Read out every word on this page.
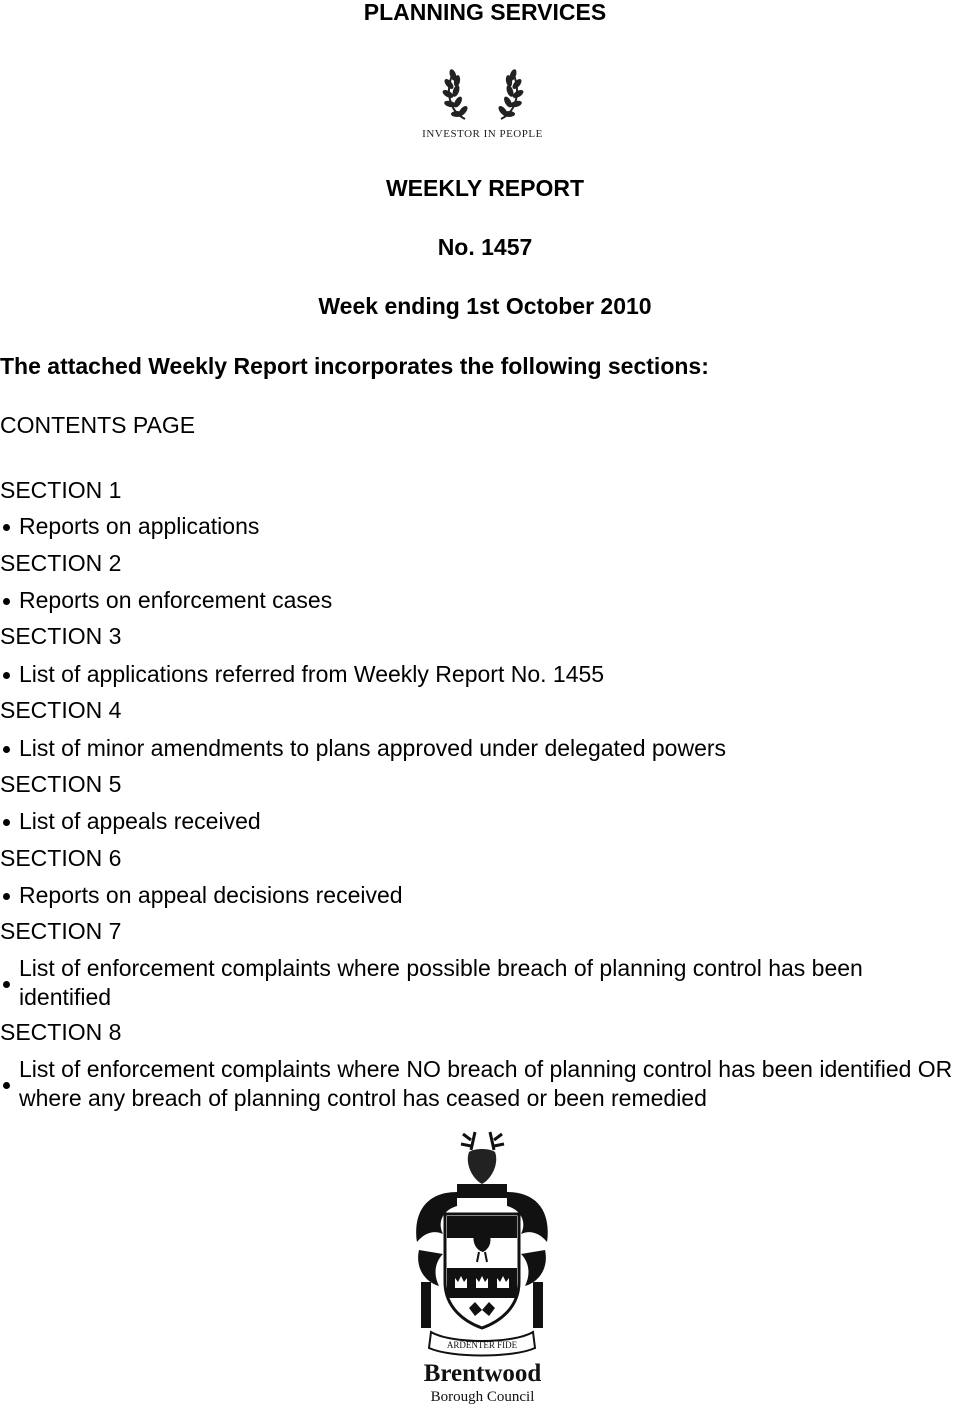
PLANNING SERVICES

INVESTOR IN PEOPLE

WEEKLY REPORT

No. 1457

Week ending 1st October 2010

The attached Weekly Report incorporates the following sections:

CONTENTS PAGE

SECTION 1

Reports on applications

SECTION 2

Reports on enforcement cases

SECTION 3

List of applications referred from Weekly Report No. 1455

SECTION 4

List of minor amendments to plans approved under delegated powers

SECTION 5

List of appeals received

SECTION 6

Reports on appeal decisions received

SECTION 7

List of enforcement complaints where possible breach of planning control has been identified

SECTION 8

List of enforcement complaints where NO breach of planning control has been identified OR where any breach of planning control has ceased or been remedied

ARDENTER FIDE
Brentwood
Borough Council
